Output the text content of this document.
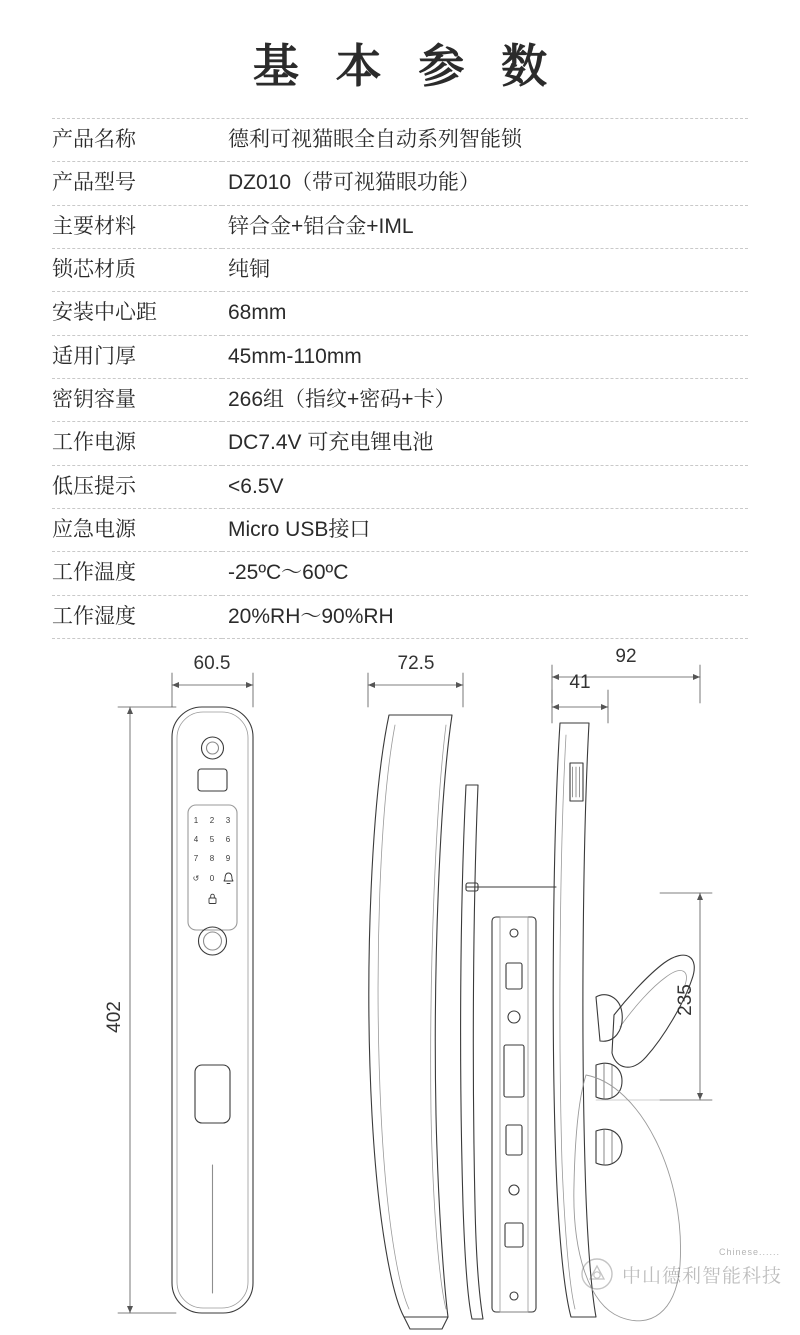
基 本 参 数
产品名称	德利可视猫眼全自动系列智能锁
产品型号	DZ010（带可视猫眼功能）
主要材料	锌合金+铝合金+IML
锁芯材质	纯铜
安装中心距	68mm
适用门厚	45mm-110mm
密钥容量	266组（指纹+密码+卡）
工作电源	DC7.4V 可充电锂电池
低压提示	<6.5V
应急电源	Micro USB接口
工作温度	-25ºC～60ºC
工作湿度	20%RH～90%RH
1 2 3
4 5 6
7 8 9
↺ 0
60.5	72.5	92
41
402
235
Chinese......
中山德利智能科技
